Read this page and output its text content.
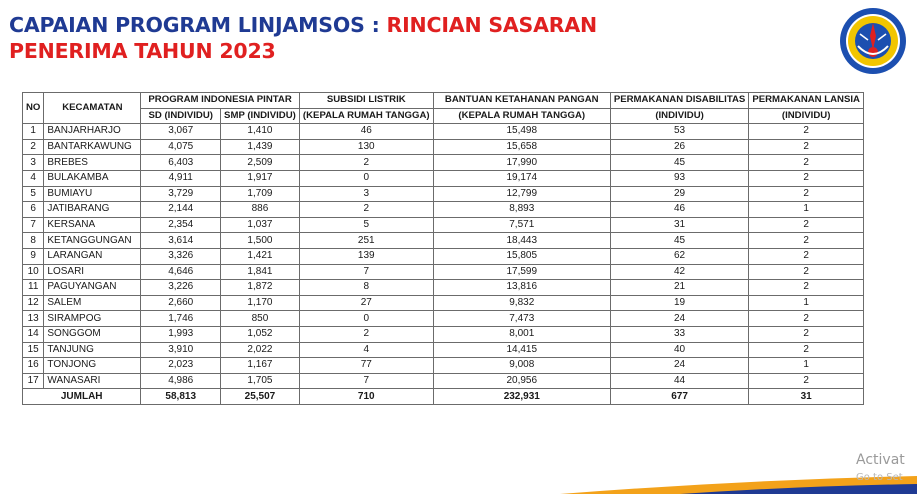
CAPAIAN PROGRAM LINJAMSOS : RINCIAN SASARAN
PENERIMA TAHUN 2023
NO	KECAMATAN	PROGRAM INDONESIA PINTAR		SUBSIDI LISTRIK	BANTUAN KETAHANAN PANGAN	PERMAKANAN DISABILITAS	PERMAKANAN LANSIA
		SD (INDIVIDU)	SMP (INDIVIDU)	(KEPALA RUMAH TANGGA)	(KEPALA RUMAH TANGGA)	(INDIVIDU)	(INDIVIDU)
1	BANJARHARJO	3,067	1,410	46	15,498	53	2
2	BANTARKAWUNG	4,075	1,439	130	15,658	26	2
3	BREBES	6,403	2,509	2	17,990	45	2
4	BULAKAMBA	4,911	1,917	0	19,174	93	2
5	BUMIAYU	3,729	1,709	3	12,799	29	2
6	JATIBARANG	2,144	886	2	8,893	46	1
7	KERSANA	2,354	1,037	5	7,571	31	2
8	KETANGGUNGAN	3,614	1,500	251	18,443	45	2
9	LARANGAN	3,326	1,421	139	15,805	62	2
10	LOSARI	4,646	1,841	7	17,599	42	2
11	PAGUYANGAN	3,226	1,872	8	13,816	21	2
12	SALEM	2,660	1,170	27	9,832	19	1
13	SIRAMPOG	1,746	850	0	7,473	24	2
14	SONGGOM	1,993	1,052	2	8,001	33	2
15	TANJUNG	3,910	2,022	4	14,415	40	2
16	TONJONG	2,023	1,167	77	9,008	24	1
17	WANASARI	4,986	1,705	7	20,956	44	2
JUMLAH		58,813	25,507	710	232,931	677	31
Activat
Go to Set
